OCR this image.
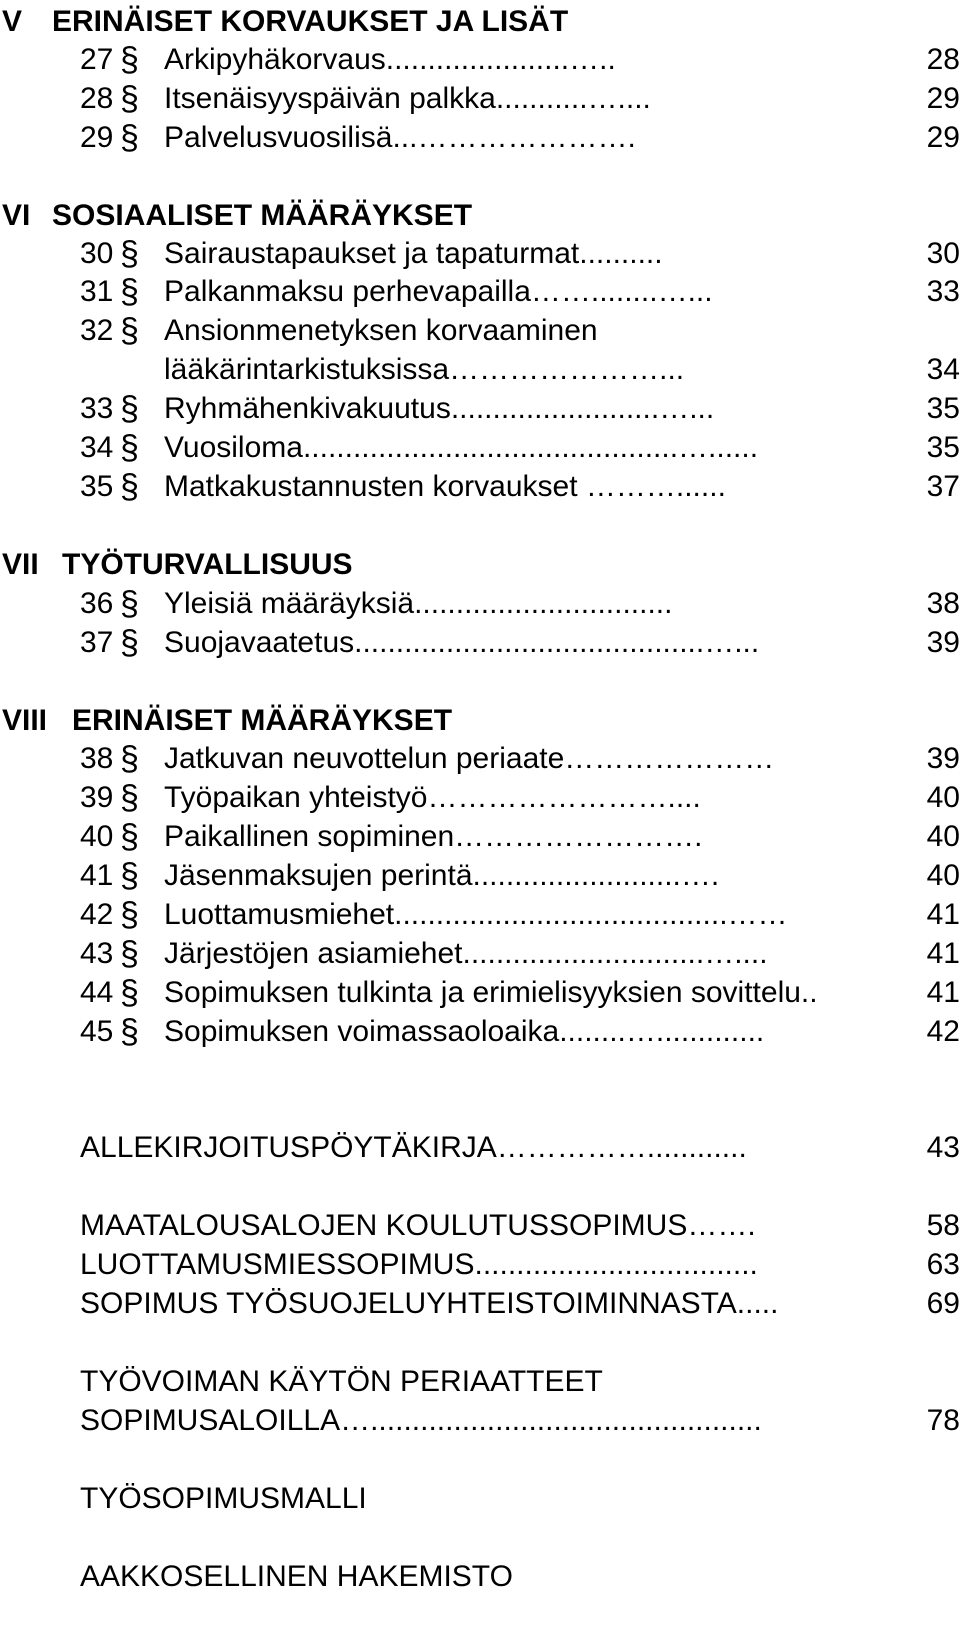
V ERINÄISET KORVAUKSET JA LISÄT
27 § Arkipyhäkorvaus......................…..	28
28 § Itsenäisyyspäivän palkka...........…....	29
29 § Palvelusvuosilisä...………………….	29
VI SOSIAALISET MÄÄRÄYKSET
30 § Sairaustapaukset ja tapaturmat..........	30
31 § Palkanmaksu perhevapailla……........…...	33
32 § Ansionmenetyksen korvaaminen
lääkärintarkistuksissa…………………...	34
33 § Ryhmähenkivakuutus.........................…...	35
34 § Vuosiloma.............................................…......	35
35 § Matkakustannusten korvaukset ………......	37
VII TYÖTURVALLISUUS
36 § Yleisiä määräyksiä...............................	38
37 § Suojavaatetus..........................................…...	39
VIII ERINÄISET MÄÄRÄYKSET
38 § Jatkuvan neuvottelun periaate…………………	39
39 § Työpaikan yhteistyö……………………....	40
40 § Paikallinen sopiminen…………………….	40
41 § Jäsenmaksujen perintä.........................….	40
42 § Luottamusmiehet........................................……	41
43 § Järjestöjen asiamiehet.............................…....	41
44 § Sopimuksen tulkinta ja erimielisyyksien sovittelu..	41
45 § Sopimuksen voimassaoloaika........….............	42
ALLEKIRJOITUSPÖYTÄKIRJA……………............	43
MAATALOUSALOJEN KOULUTUSSOPIMUS…….	58
LUOTTAMUSMIESSOPIMUS..................................	63
SOPIMUS TYÖSUOJELUYHTEISTOIMINNASTA.....	69
TYÖVOIMAN KÄYTÖN PERIAATTEET
SOPIMUSALOILLA…...............................................	78
TYÖSOPIMUSMALLI
AAKKOSELLINEN HAKEMISTO
